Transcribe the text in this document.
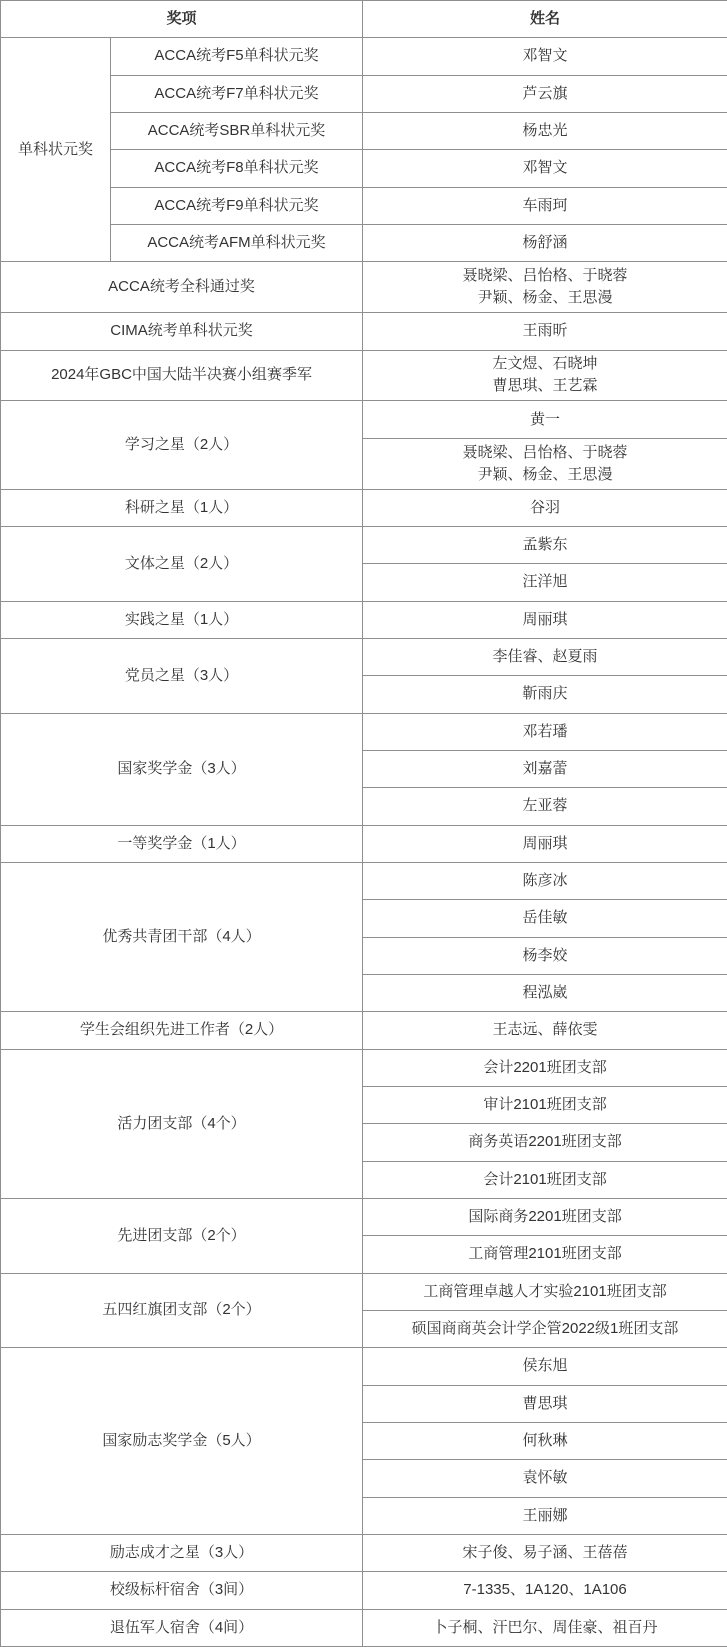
奖项		姓名
单科状元奖	ACCA统考F5单科状元奖	邓智文

	ACCA统考F7单科状元奖	芦云旗

	ACCA统考SBR单科状元奖	杨忠光

	ACCA统考F8单科状元奖	邓智文

	ACCA统考F9单科状元奖	车雨珂

	ACCA统考AFM单科状元奖	杨舒涵

ACCA统考全科通过奖		聂晓梁、吕怡格、于晓蓉
尹颖、杨金、王思漫

CIMA统考单科状元奖		王雨昕

2024年GBC中国大陆半决赛小组赛季军		左文煜、石晓坤
曹思琪、王艺霖

学习之星（2人）		黄一

		聂晓梁、吕怡格、于晓蓉
尹颖、杨金、王思漫

科研之星（1人）		谷羽

文体之星（2人）		孟紫东

		汪洋旭

实践之星（1人）		周丽琪

党员之星（3人）		李佳睿、赵夏雨

		靳雨庆

国家奖学金（3人）		邓若璠

		刘嘉蕾

		左亚蓉

一等奖学金（1人）		周丽琪

优秀共青团干部（4人）		陈彦冰

		岳佳敏

		杨李姣

		程泓崴

学生会组织先进工作者（2人）		王志远、薛依雯

活力团支部（4个）		会计2201班团支部

		审计2101班团支部

		商务英语2201班团支部

		会计2101班团支部

先进团支部（2个）		国际商务2201班团支部

		工商管理2101班团支部

五四红旗团支部（2个）		工商管理卓越人才实验2101班团支部

		硕国商商英会计学企管2022级1班团支部

国家励志奖学金（5人）		侯东旭

		曹思琪

		何秋琳

		袁怀敏

		王丽娜

励志成才之星（3人）		宋子俊、易子涵、王蓓蓓

校级标杆宿舍（3间）		7-1335、1A120、1A106

退伍军人宿舍（4间）		卜子桐、汗巴尔、周佳豪、祖百丹
